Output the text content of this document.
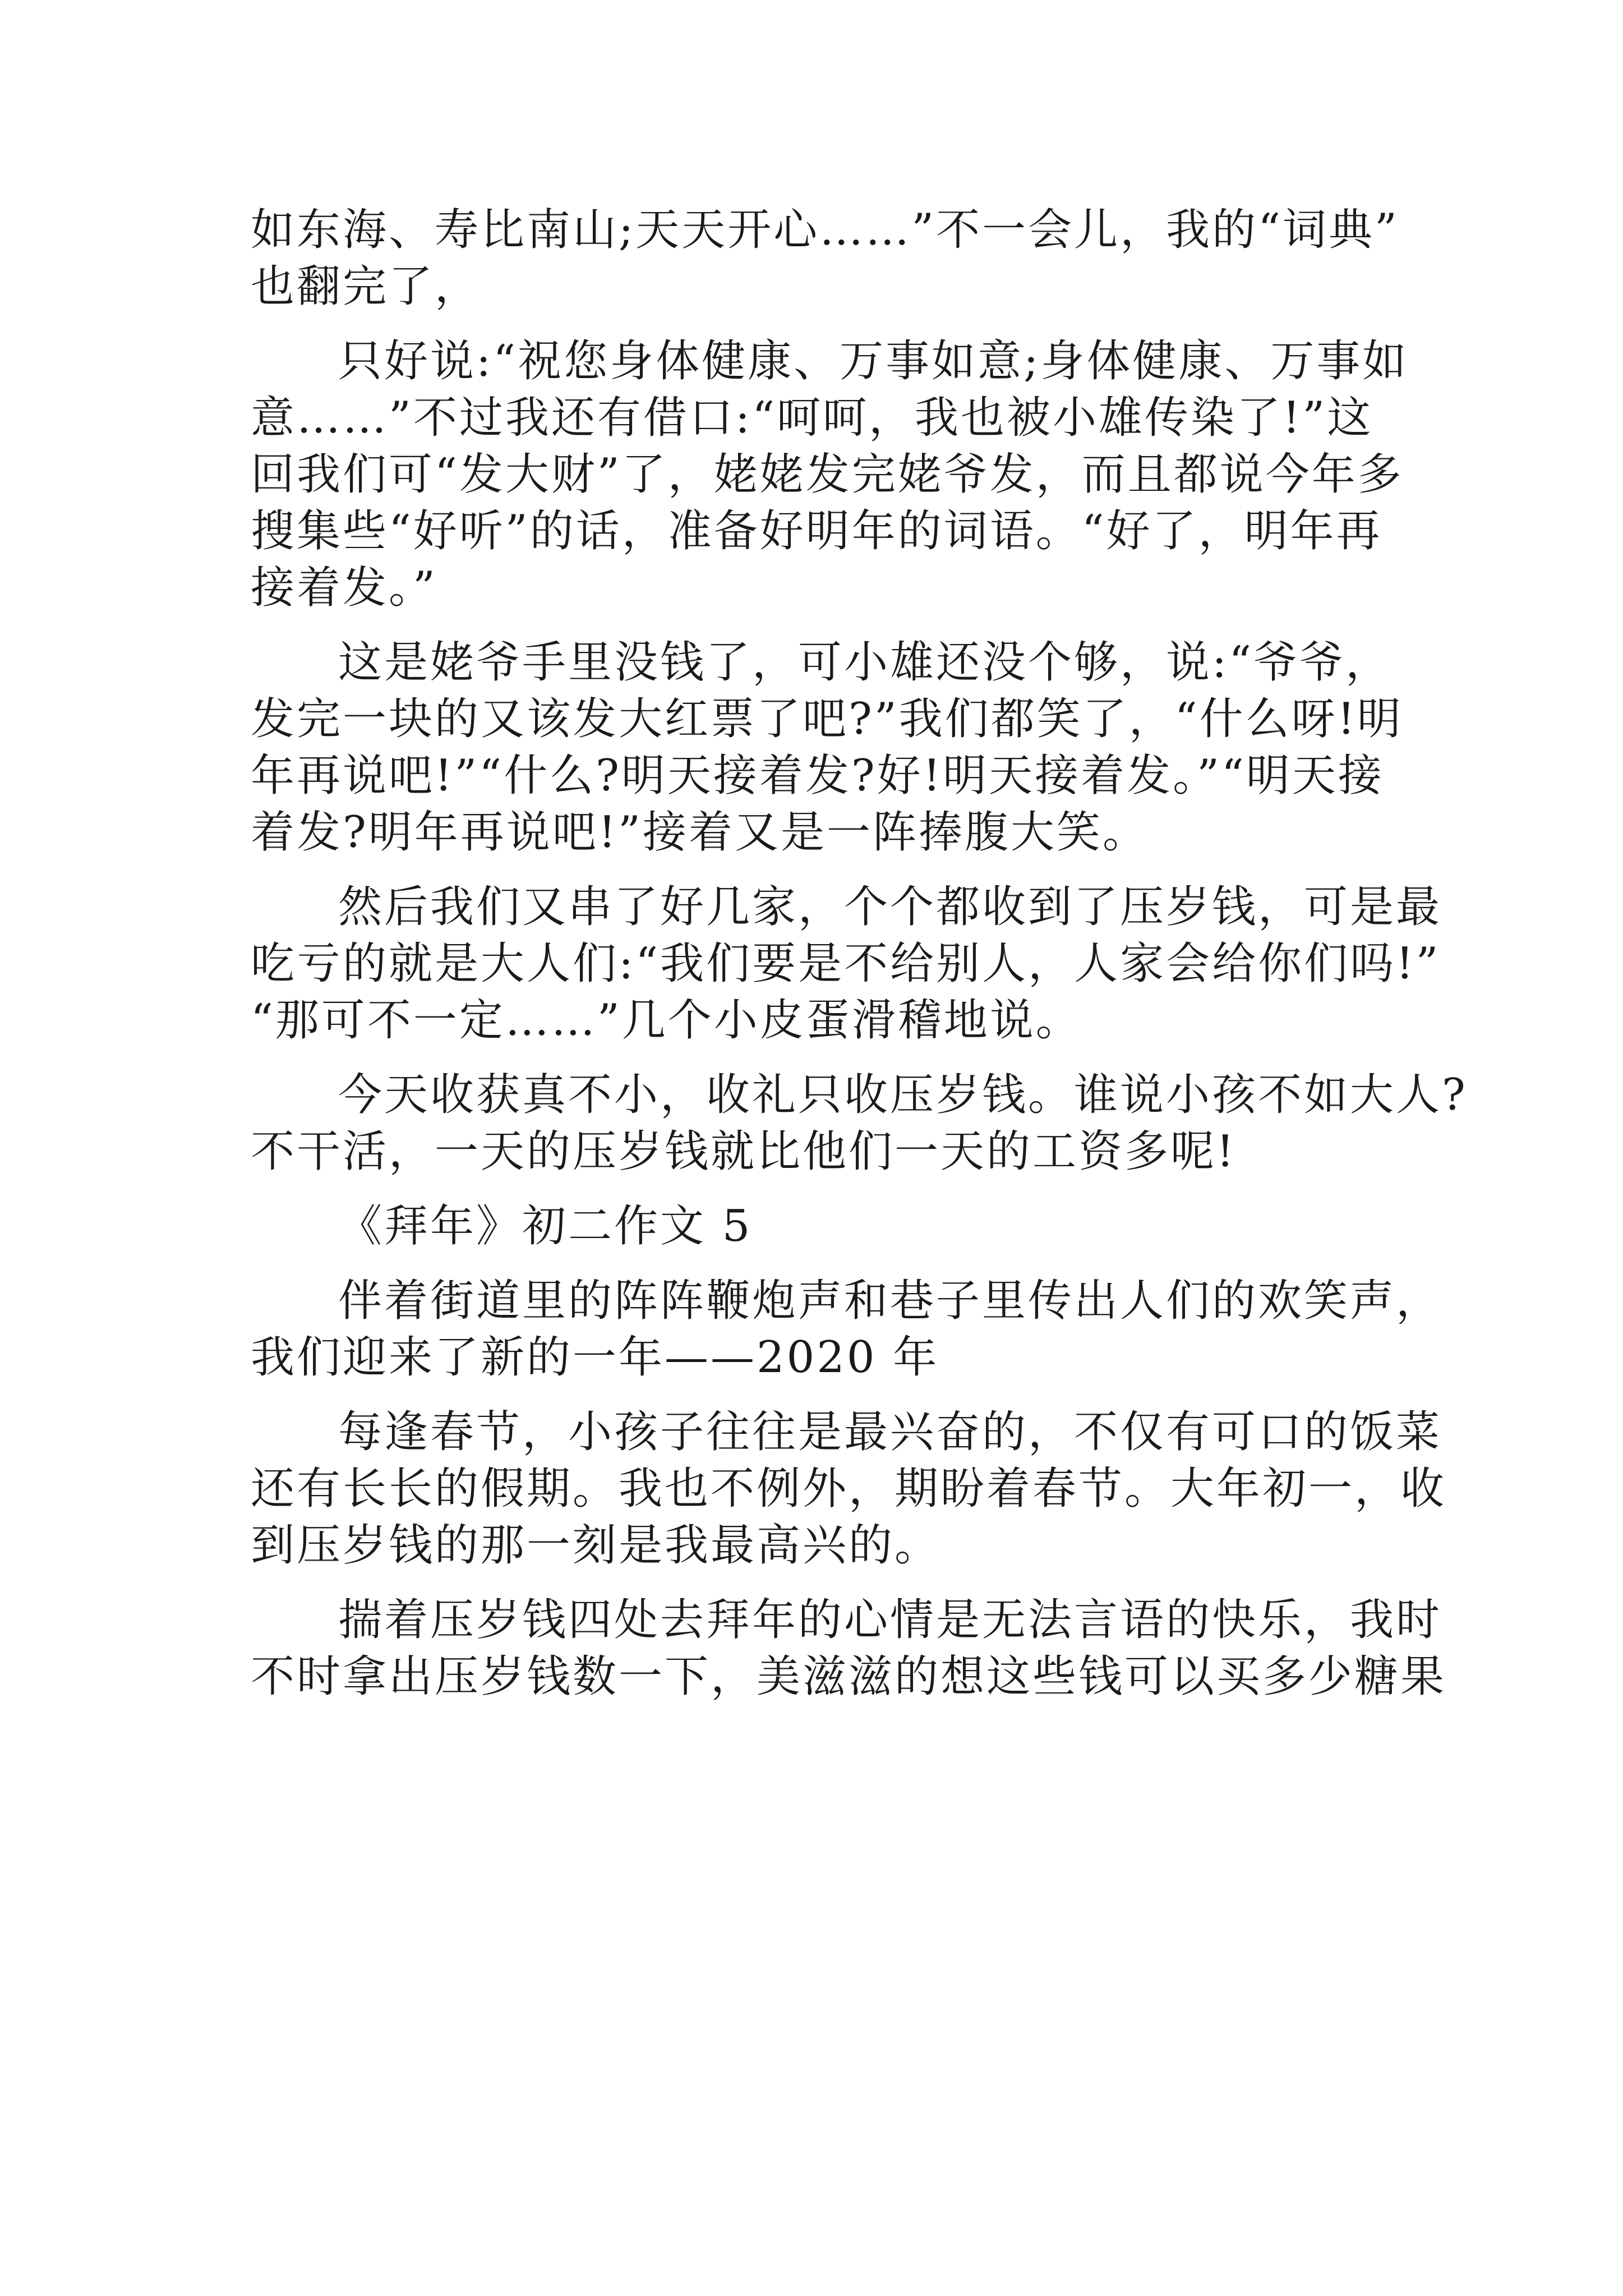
如东海、寿比南山;天天开心……”不一会儿，我的“词典”
也翻完了，
只好说:“祝您身体健康、万事如意;身体健康、万事如
意……”不过我还有借口:“呵呵，我也被小雄传染了!”这
回我们可“发大财”了，姥姥发完姥爷发，而且都说今年多
搜集些“好听”的话，准备好明年的词语。“好了，明年再
接着发。”
这是姥爷手里没钱了，可小雄还没个够，说:“爷爷，
发完一块的又该发大红票了吧?”我们都笑了，“什么呀!明
年再说吧!”“什么?明天接着发?好!明天接着发。”“明天接
着发?明年再说吧!”接着又是一阵捧腹大笑。
然后我们又串了好几家，个个都收到了压岁钱，可是最
吃亏的就是大人们:“我们要是不给别人，人家会给你们吗!”
“那可不一定……”几个小皮蛋滑稽地说。
今天收获真不小，收礼只收压岁钱。谁说小孩不如大人?
不干活，一天的压岁钱就比他们一天的工资多呢!
《拜年》初二作文 5
伴着街道里的阵阵鞭炮声和巷子里传出人们的欢笑声，
我们迎来了新的一年——2020 年
每逢春节，小孩子往往是最兴奋的，不仅有可口的饭菜
还有长长的假期。我也不例外，期盼着春节。大年初一，收
到压岁钱的那一刻是我最高兴的。
揣着压岁钱四处去拜年的心情是无法言语的快乐，我时
不时拿出压岁钱数一下，美滋滋的想这些钱可以买多少糖果
